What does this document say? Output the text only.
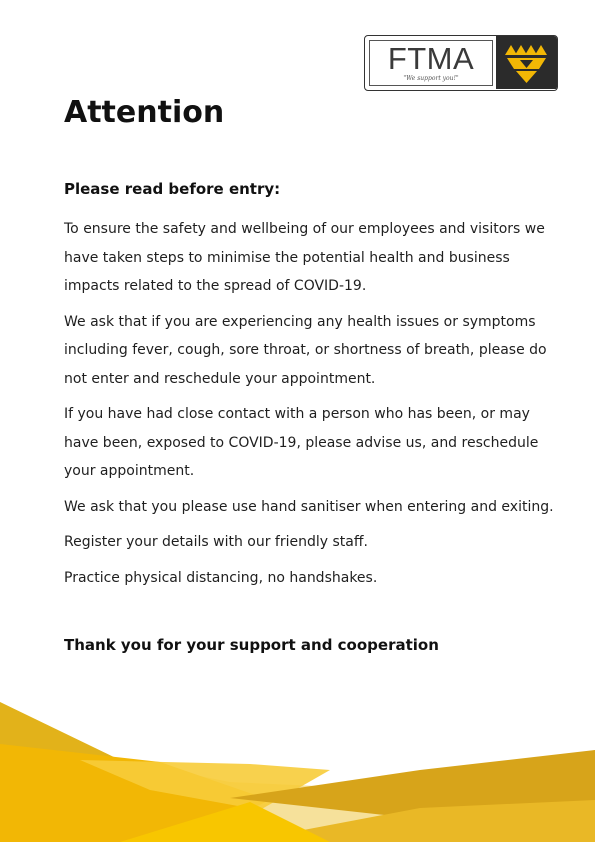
FTMA
"We support you!"
Attention
Please read before entry:

To ensure the safety and wellbeing of our employees and visitors we have taken steps to minimise the potential health and business impacts related to the spread of COVID-19.

We ask that if you are experiencing any health issues or symptoms including fever, cough, sore throat, or shortness of breath, please do not enter and reschedule your appointment.

If you have had close contact with a person who has been, or may have been, exposed to COVID-19, please advise us, and reschedule your appointment.

We ask that you please use hand sanitiser when entering and exiting.

Register your details with our friendly staff.

Practice physical distancing, no handshakes.

Thank you for your support and cooperation
